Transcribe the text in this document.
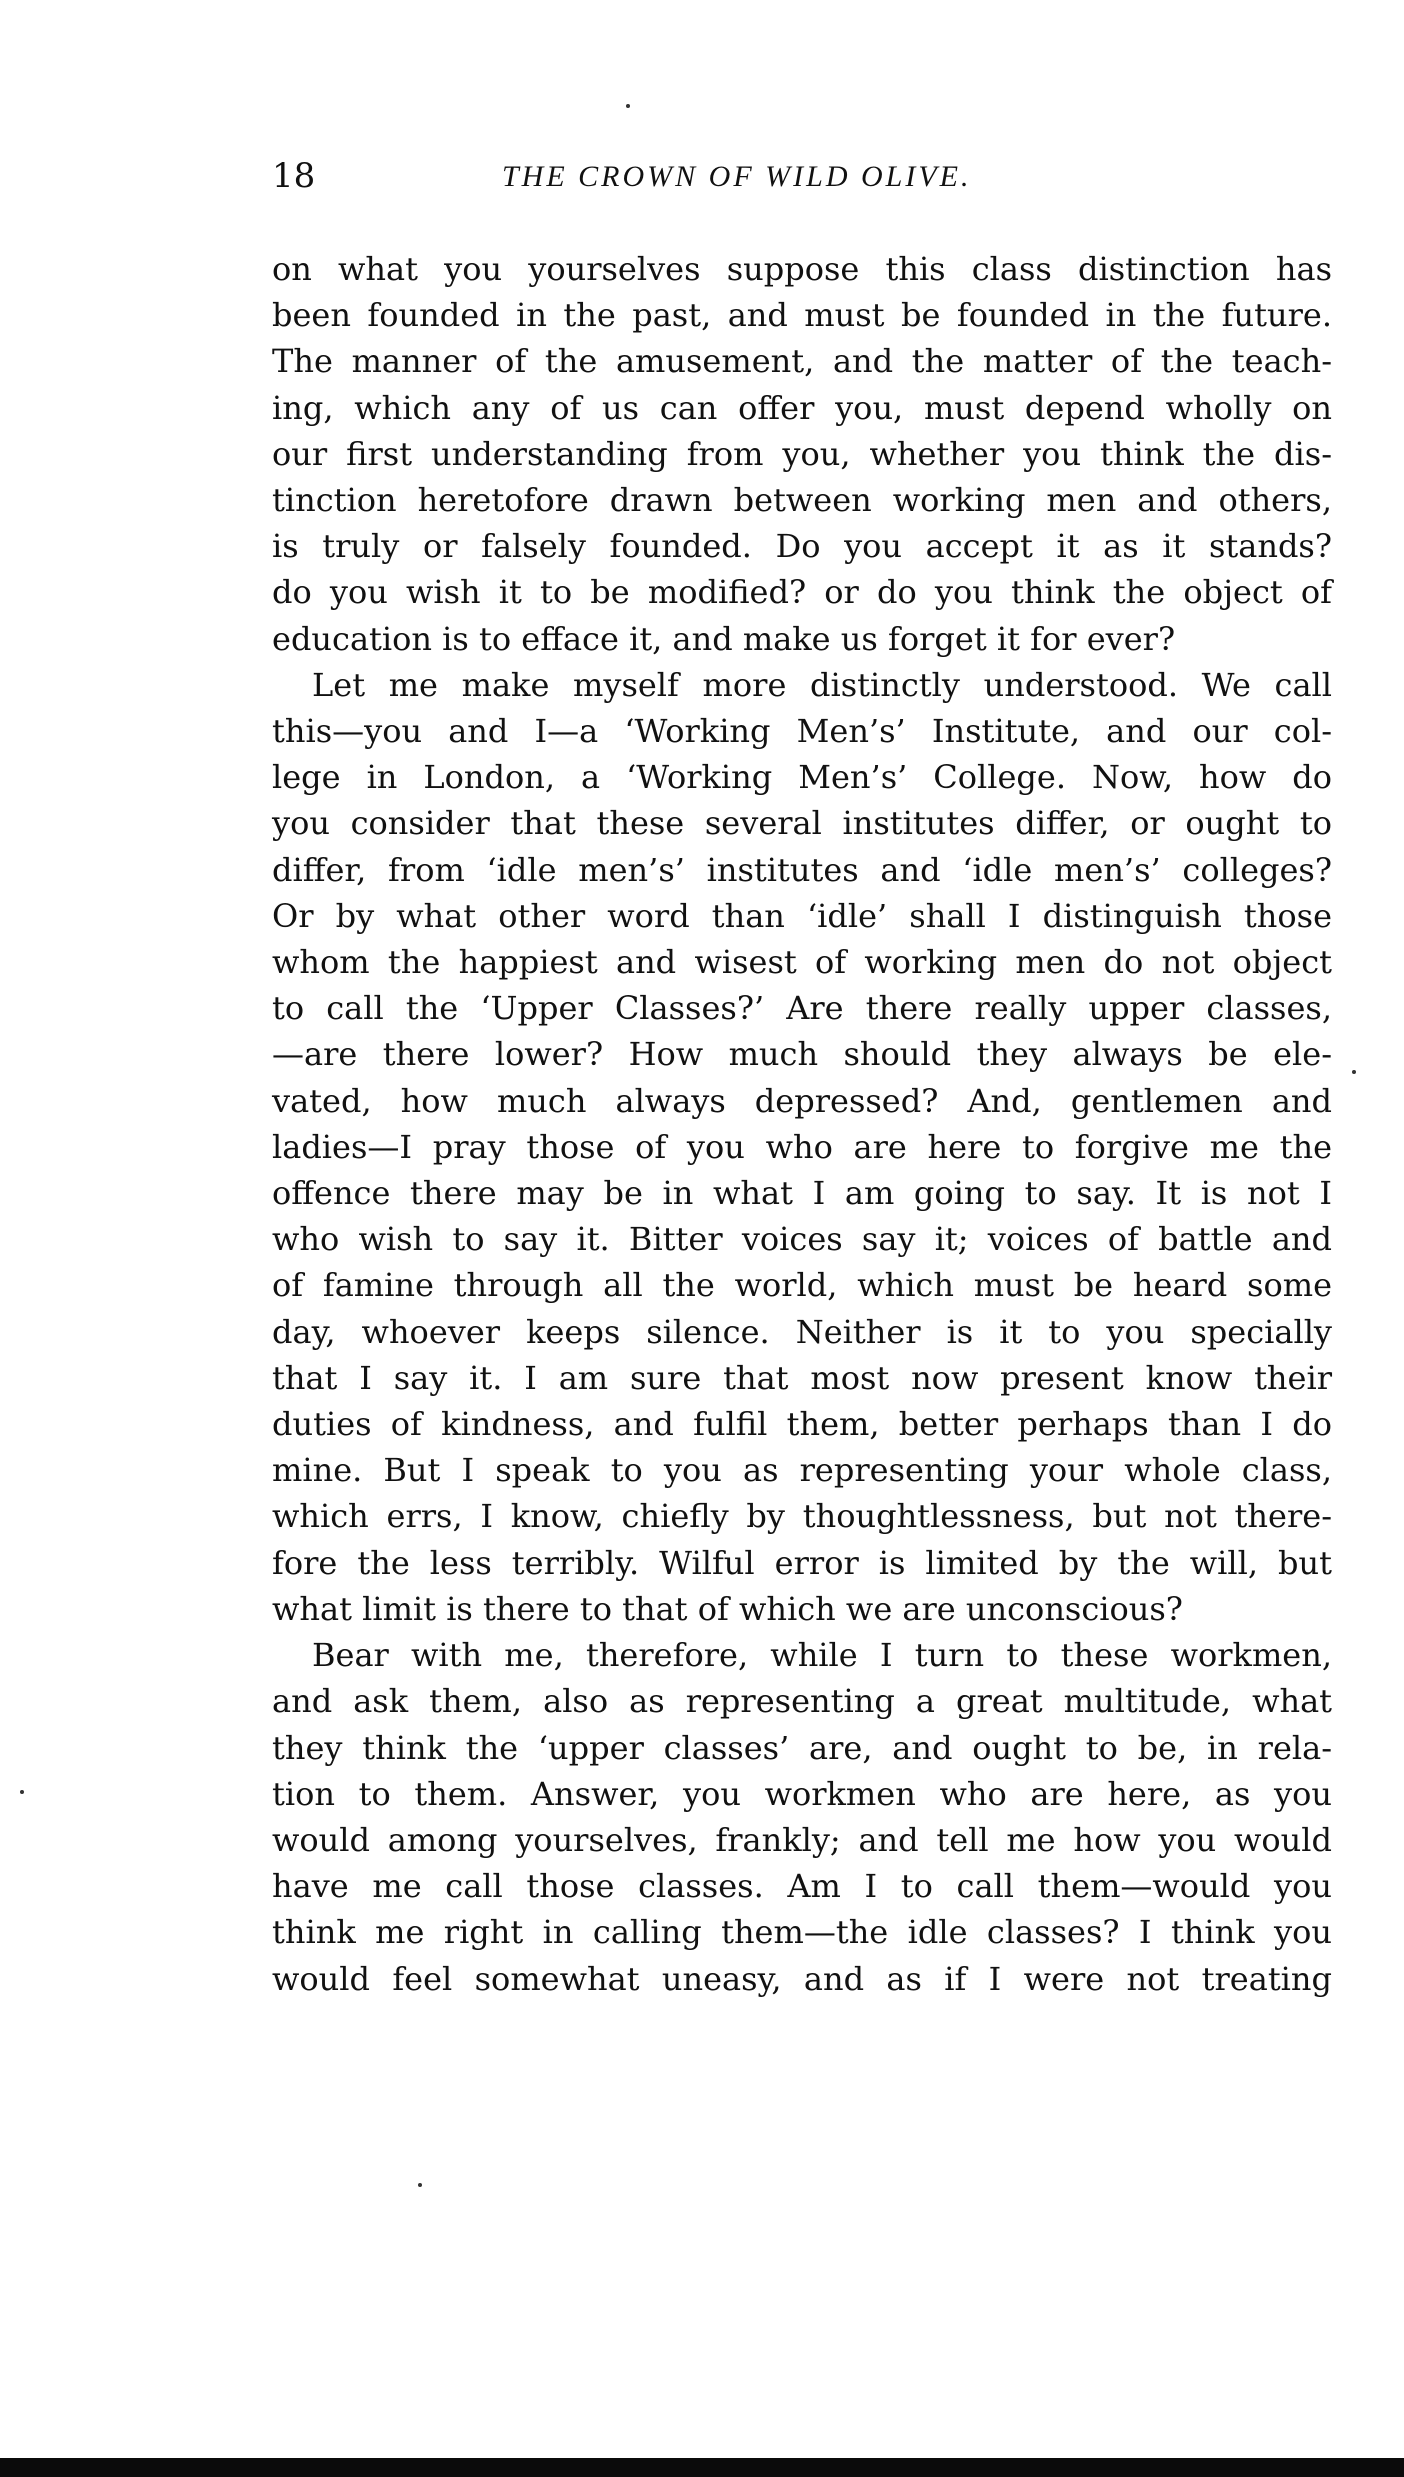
18	THE CROWN OF WILD OLIVE.
on what you yourselves suppose this class distinction has
been founded in the past, and must be founded in the future.
The manner of the amusement, and the matter of the teach-
ing, which any of us can offer you, must depend wholly on
our first understanding from you, whether you think the dis-
tinction heretofore drawn between working men and others,
is truly or falsely founded. Do you accept it as it stands?
do you wish it to be modified? or do you think the object of
education is to efface it, and make us forget it for ever?
Let me make myself more distinctly understood. We call
this—you and I—a ‘Working Men’s’ Institute, and our col-
lege in London, a ‘Working Men’s’ College. Now, how do
you consider that these several institutes differ, or ought to
differ, from ‘idle men’s’ institutes and ‘idle men’s’ colleges?
Or by what other word than ‘idle’ shall I distinguish those
whom the happiest and wisest of working men do not object
to call the ‘Upper Classes?’ Are there really upper classes,
—are there lower? How much should they always be ele-
vated, how much always depressed? And, gentlemen and
ladies—I pray those of you who are here to forgive me the
offence there may be in what I am going to say. It is not I
who wish to say it. Bitter voices say it; voices of battle and
of famine through all the world, which must be heard some
day, whoever keeps silence. Neither is it to you specially
that I say it. I am sure that most now present know their
duties of kindness, and fulfil them, better perhaps than I do
mine. But I speak to you as representing your whole class,
which errs, I know, chiefly by thoughtlessness, but not there-
fore the less terribly. Wilful error is limited by the will, but
what limit is there to that of which we are unconscious?
Bear with me, therefore, while I turn to these workmen,
and ask them, also as representing a great multitude, what
they think the ‘upper classes’ are, and ought to be, in rela-
tion to them. Answer, you workmen who are here, as you
would among yourselves, frankly; and tell me how you would
have me call those classes. Am I to call them—would you
think me right in calling them—the idle classes? I think you
would feel somewhat uneasy, and as if I were not treating
